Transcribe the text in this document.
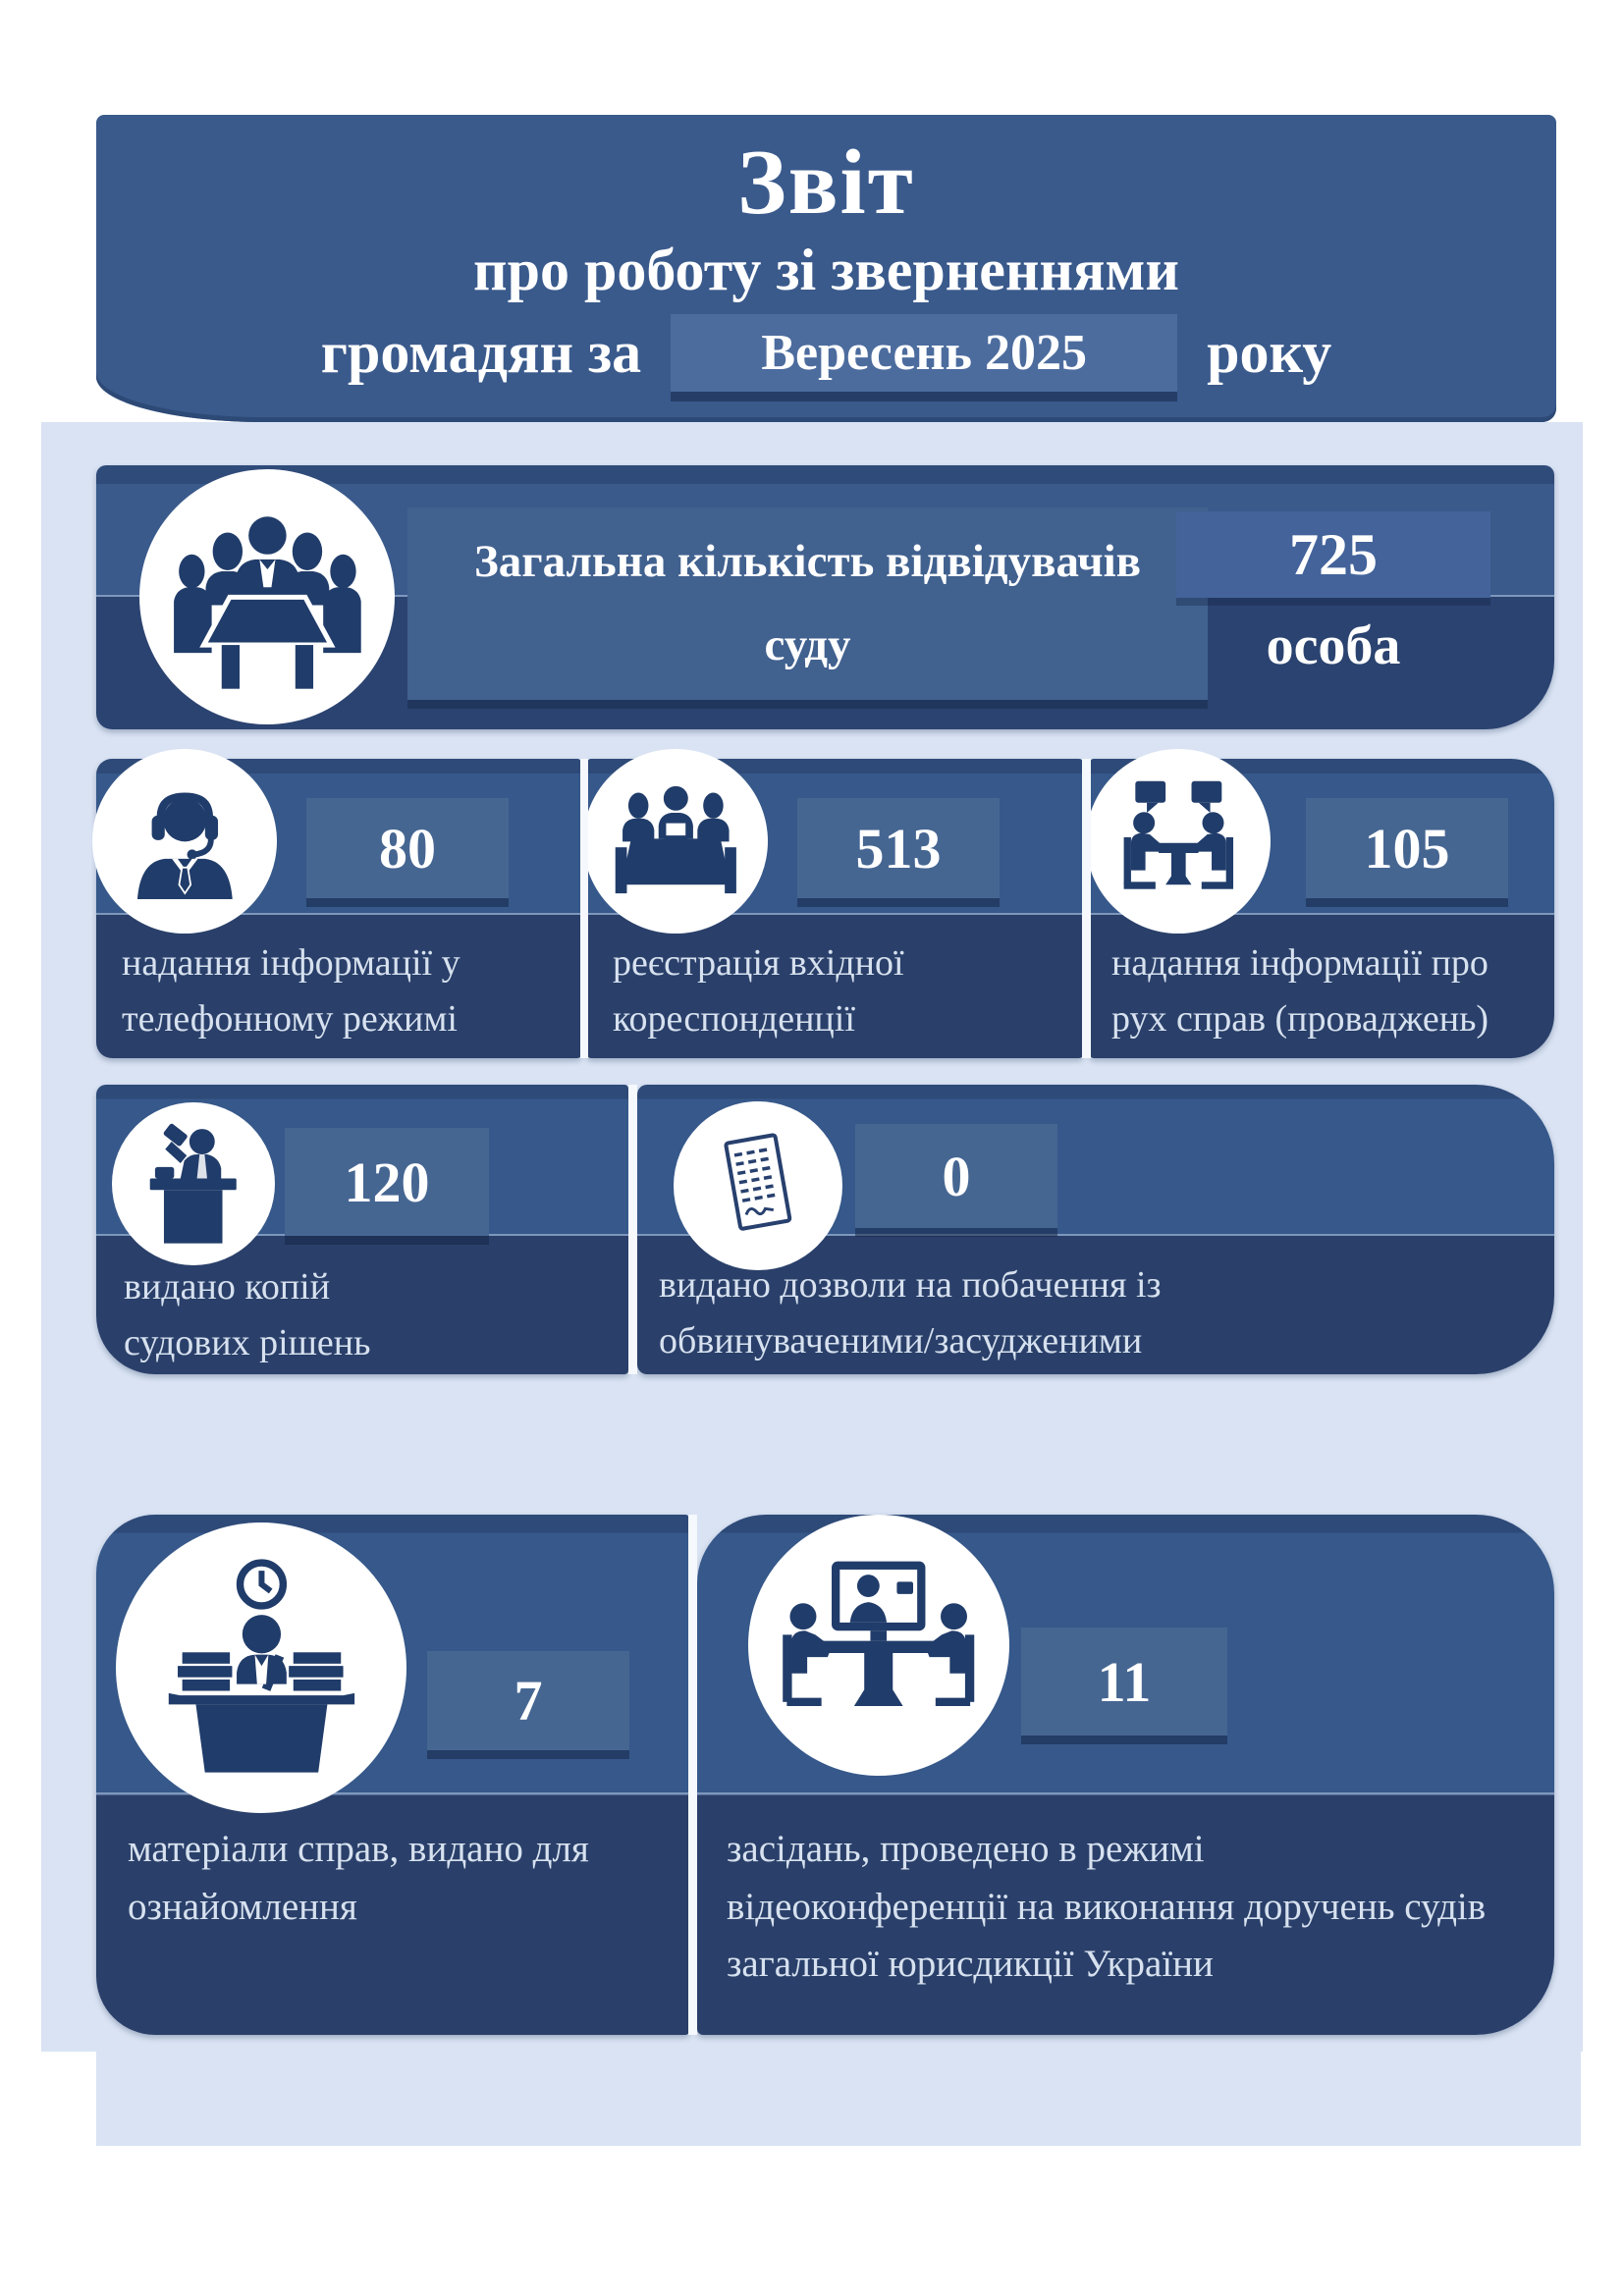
Звіт
про роботу зі зверненнями
громадян за	Вересень 2025	року
Загальна кількість відвідувачів суду
725
особа
80
надання інформації у телефонному режимі
513
реєстрація вхідної кореспонденції
105
надання інформації про рух справ (проваджень)
120
видано копій судових рішень
0
видано дозволи на побачення із обвинуваченими/засудженими
7
матеріали справ, видано для ознайомлення
11
засідань, проведено в режимі відеоконференції на виконання доручень судів загальної юрисдикції України
